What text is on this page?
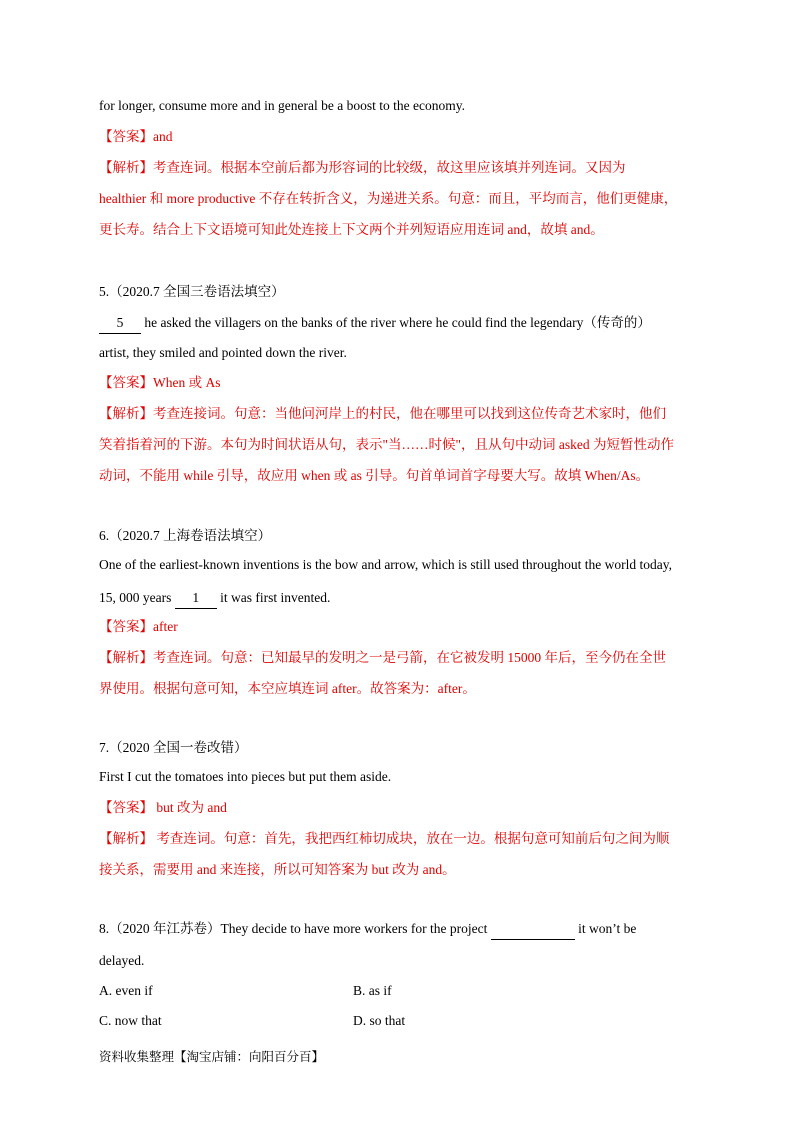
for longer, consume more and in general be a boost to the economy.
【答案】and
【解析】考查连词。根据本空前后都为形容词的比较级，故这里应该填并列连词。又因为
healthier 和 more productive 不存在转折含义，为递进关系。句意：而且，平均而言，他们更健康，
更长寿。结合上下文语境可知此处连接上下文两个并列短语应用连词 and，故填 and。
5.（2020.7 全国三卷语法填空）
5 he asked the villagers on the banks of the river where he could find the legendary（传奇的）
artist, they smiled and pointed down the river.
【答案】When 或 As
【解析】考查连接词。句意：当他问河岸上的村民，他在哪里可以找到这位传奇艺术家时，他们
笑着指着河的下游。本句为时间状语从句，表示"当……时候"，且从句中动词 asked 为短暂性动作
动词，不能用 while 引导，故应用 when 或 as 引导。句首单词首字母要大写。故填 When/As。
6.（2020.7 上海卷语法填空）
One of the earliest-known inventions is the bow and arrow, which is still used throughout the world today,
15, 000 years 1 it was first invented.
【答案】after
【解析】考查连词。句意：已知最早的发明之一是弓箭，在它被发明 15000 年后，至今仍在全世
界使用。根据句意可知，本空应填连词 after。故答案为：after。
7.（2020 全国一卷改错）
First I cut the tomatoes into pieces but put them aside.
【答案】 but 改为 and
【解析】 考查连词。句意：首先，我把西红柿切成块，放在一边。根据句意可知前后句之间为顺
接关系，需要用 and 来连接，所以可知答案为 but 改为 and。
8.（2020 年江苏卷）They decide to have more workers for the project	it won’t be
delayed.
A. even if	B. as if
C. now that	D. so that
资料收集整理【淘宝店铺：向阳百分百】
